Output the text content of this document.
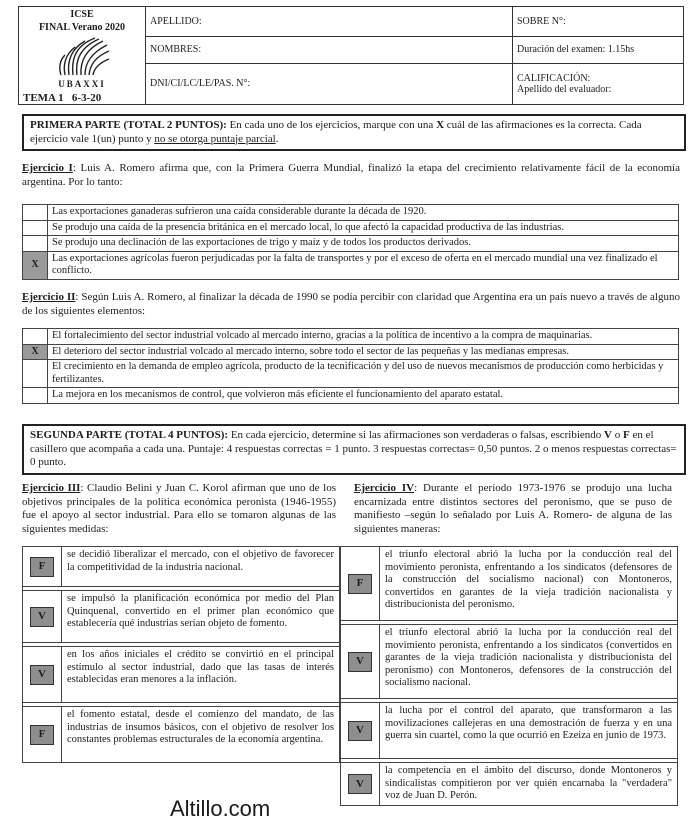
ICSE
FINAL Verano 2020
UBAXXI
TEMA 1 6-3-20	APELLIDO:	SOBRE N°:
	NOMBRES:	Duración del examen: 1.15hs
	DNI/CI/LC/LE/PAS. N°:	CALIFICACIÓN:
Apellido del evaluador:
PRIMERA PARTE (TOTAL 2 PUNTOS): En cada uno de los ejercicios, marque con una X cuál de las afirmaciones es la correcta. Cada ejercicio vale 1(un) punto y no se otorga puntaje parcial.
Ejercicio I: Luis A. Romero afirma que, con la Primera Guerra Mundial, finalizó la etapa del crecimiento relativamente fácil de la economía argentina. Por lo tanto:
	Las exportaciones ganaderas sufrieron una caída considerable durante la década de 1920.
	Se produjo una caída de la presencia británica en el mercado local, lo que afectó la capacidad productiva de las industrias.
	Se produjo una declinación de las exportaciones de trigo y maíz y de todos los productos derivados.
X	Las exportaciones agrícolas fueron perjudicadas por la falta de transportes y por el exceso de oferta en el mercado mundial una vez finalizado el conflicto.
Ejercicio II: Según Luis A. Romero, al finalizar la década de 1990 se podía percibir con claridad que Argentina era un país nuevo a través de alguno de los siguientes elementos:
	El fortalecimiento del sector industrial volcado al mercado interno, gracias a la política de incentivo a la compra de maquinarias.
X	El deterioro del sector industrial volcado al mercado interno, sobre todo el sector de las pequeñas y las medianas empresas.
	El crecimiento en la demanda de empleo agrícola, producto de la tecnificación y del uso de nuevos mecanismos de producción como herbicidas y fertilizantes.
	La mejora en los mecanismos de control, que volvieron más eficiente el funcionamiento del aparato estatal.
SEGUNDA PARTE (TOTAL 4 PUNTOS): En cada ejercicio, determine si las afirmaciones son verdaderas o falsas, escribiendo V o F en el casillero que acompaña a cada una. Puntaje: 4 respuestas correctas = 1 punto. 3 respuestas correctas= 0,50 puntos. 2 o menos respuestas correctas= 0 punto.
Ejercicio III: Claudio Belini y Juan C. Korol afirman que uno de los objetivos principales de la política económica peronista (1946-1955) fue el apoyo al sector industrial. Para ello se tomaron algunas de las siguientes medidas:
F	se decidió liberalizar el mercado, con el objetivo de favorecer la competitividad de la industria nacional.

V	se impulsó la planificación económica por medio del Plan Quinquenal, convertido en el primer plan económico que establecería qué industrias serían objeto de fomento.

V	en los años iniciales el crédito se convirtió en el principal estímulo al sector industrial, dado que las tasas de interés establecidas eran menores a la inflación.

F	el fomento estatal, desde el comienzo del mandato, de las industrias de insumos básicos, con el objetivo de resolver los constantes problemas estructurales de la economía argentina.
Ejercicio IV: Durante el período 1973-1976 se produjo una lucha encarnizada entre distintos sectores del peronismo, que se puso de manifiesto –según lo señalado por Luis A. Romero- de alguna de las siguientes maneras:
F	el triunfo electoral abrió la lucha por la conducción real del movimiento peronista, enfrentando a los sindicatos (defensores de la construcción del socialismo nacional) con Montoneros, convertidos en garantes de la vieja tradición nacionalista y distribucionista del peronismo.

V	el triunfo electoral abrió la lucha por la conducción real del movimiento peronista, enfrentando a los sindicatos (convertidos en garantes de la vieja tradición nacionalista y distribucionista del peronismo) con Montoneros, defensores de la construcción del socialismo nacional.

V	la lucha por el control del aparato, que transformaron a las movilizaciones callejeras en una demostración de fuerza y en una guerra sin cuartel, como la que ocurrió en Ezeiza en junio de 1973.

V	la competencia en el ámbito del discurso, donde Montoneros y sindicalistas compitieron por ver quién encarnaba la "verdadera" voz de Juan D. Perón.
Altillo.com
